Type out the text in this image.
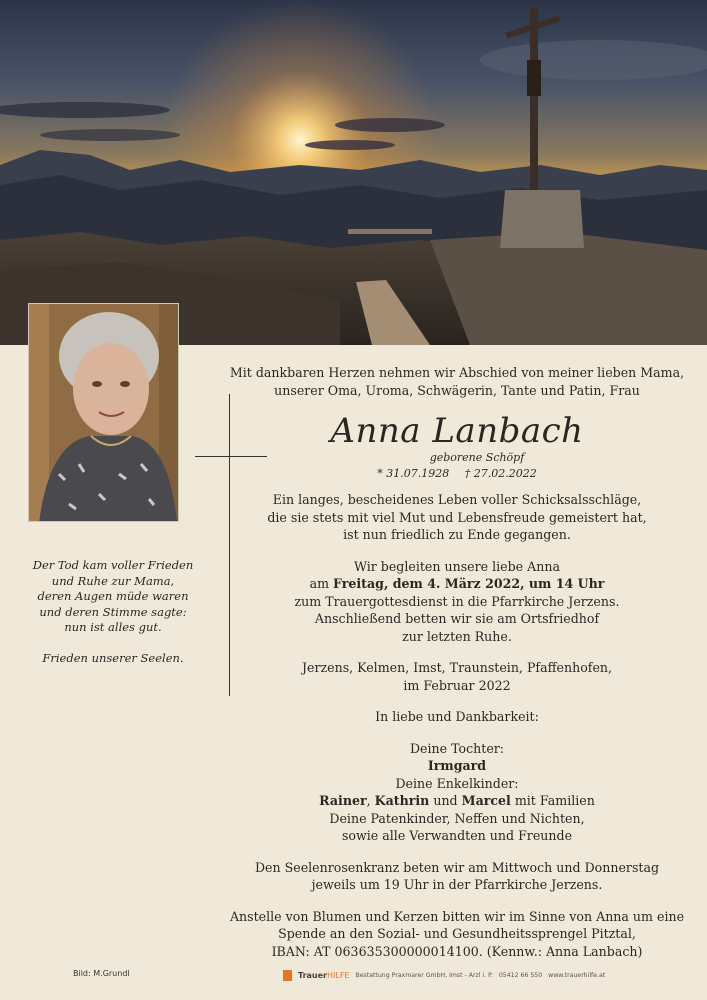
Der Tod kam voller Frieden
und Ruhe zur Mama,
deren Augen müde waren
und deren Stimme sagte:
nun ist alles gut.
Frieden unserer Seelen.
Mit dankbaren Herzen nehmen wir Abschied von meiner lieben Mama,
unserer Oma, Uroma, Schwägerin, Tante und Patin, Frau
Anna Lanbach
geborene Schöpf
* 31.07.1928 † 27.02.2022
Ein langes, bescheidenes Leben voller Schicksalsschläge,
die sie stets mit viel Mut und Lebensfreude gemeistert hat,
ist nun friedlich zu Ende gegangen.
Wir begleiten unsere liebe Anna
am Freitag, dem 4. März 2022, um 14 Uhr
zum Trauergottesdienst in die Pfarrkirche Jerzens.
Anschließend betten wir sie am Ortsfriedhof
zur letzten Ruhe.
Jerzens, Kelmen, Imst, Traunstein, Pfaffenhofen,
im Februar 2022
In liebe und Dankbarkeit:
Deine Tochter:
Irmgard
Deine Enkelkinder:
Rainer, Kathrin und Marcel mit Familien
Deine Patenkinder, Neffen und Nichten,
sowie alle Verwandten und Freunde
Den Seelenrosenkranz beten wir am Mittwoch und Donnerstag
jeweils um 19 Uhr in der Pfarrkirche Jerzens.
Anstelle von Blumen und Kerzen bitten wir im Sinne von Anna um eine
Spende an den Sozial- und Gesundheitssprengel Pitztal,
IBAN: AT 063635300000014100. (Kennw.: Anna Lanbach)
Bild: M.Grundl	TrauerHILFE Bestattung Praxmarer GmbH, Imst - Arzl i. P. 05412 66 550 www.trauerhilfe.at
